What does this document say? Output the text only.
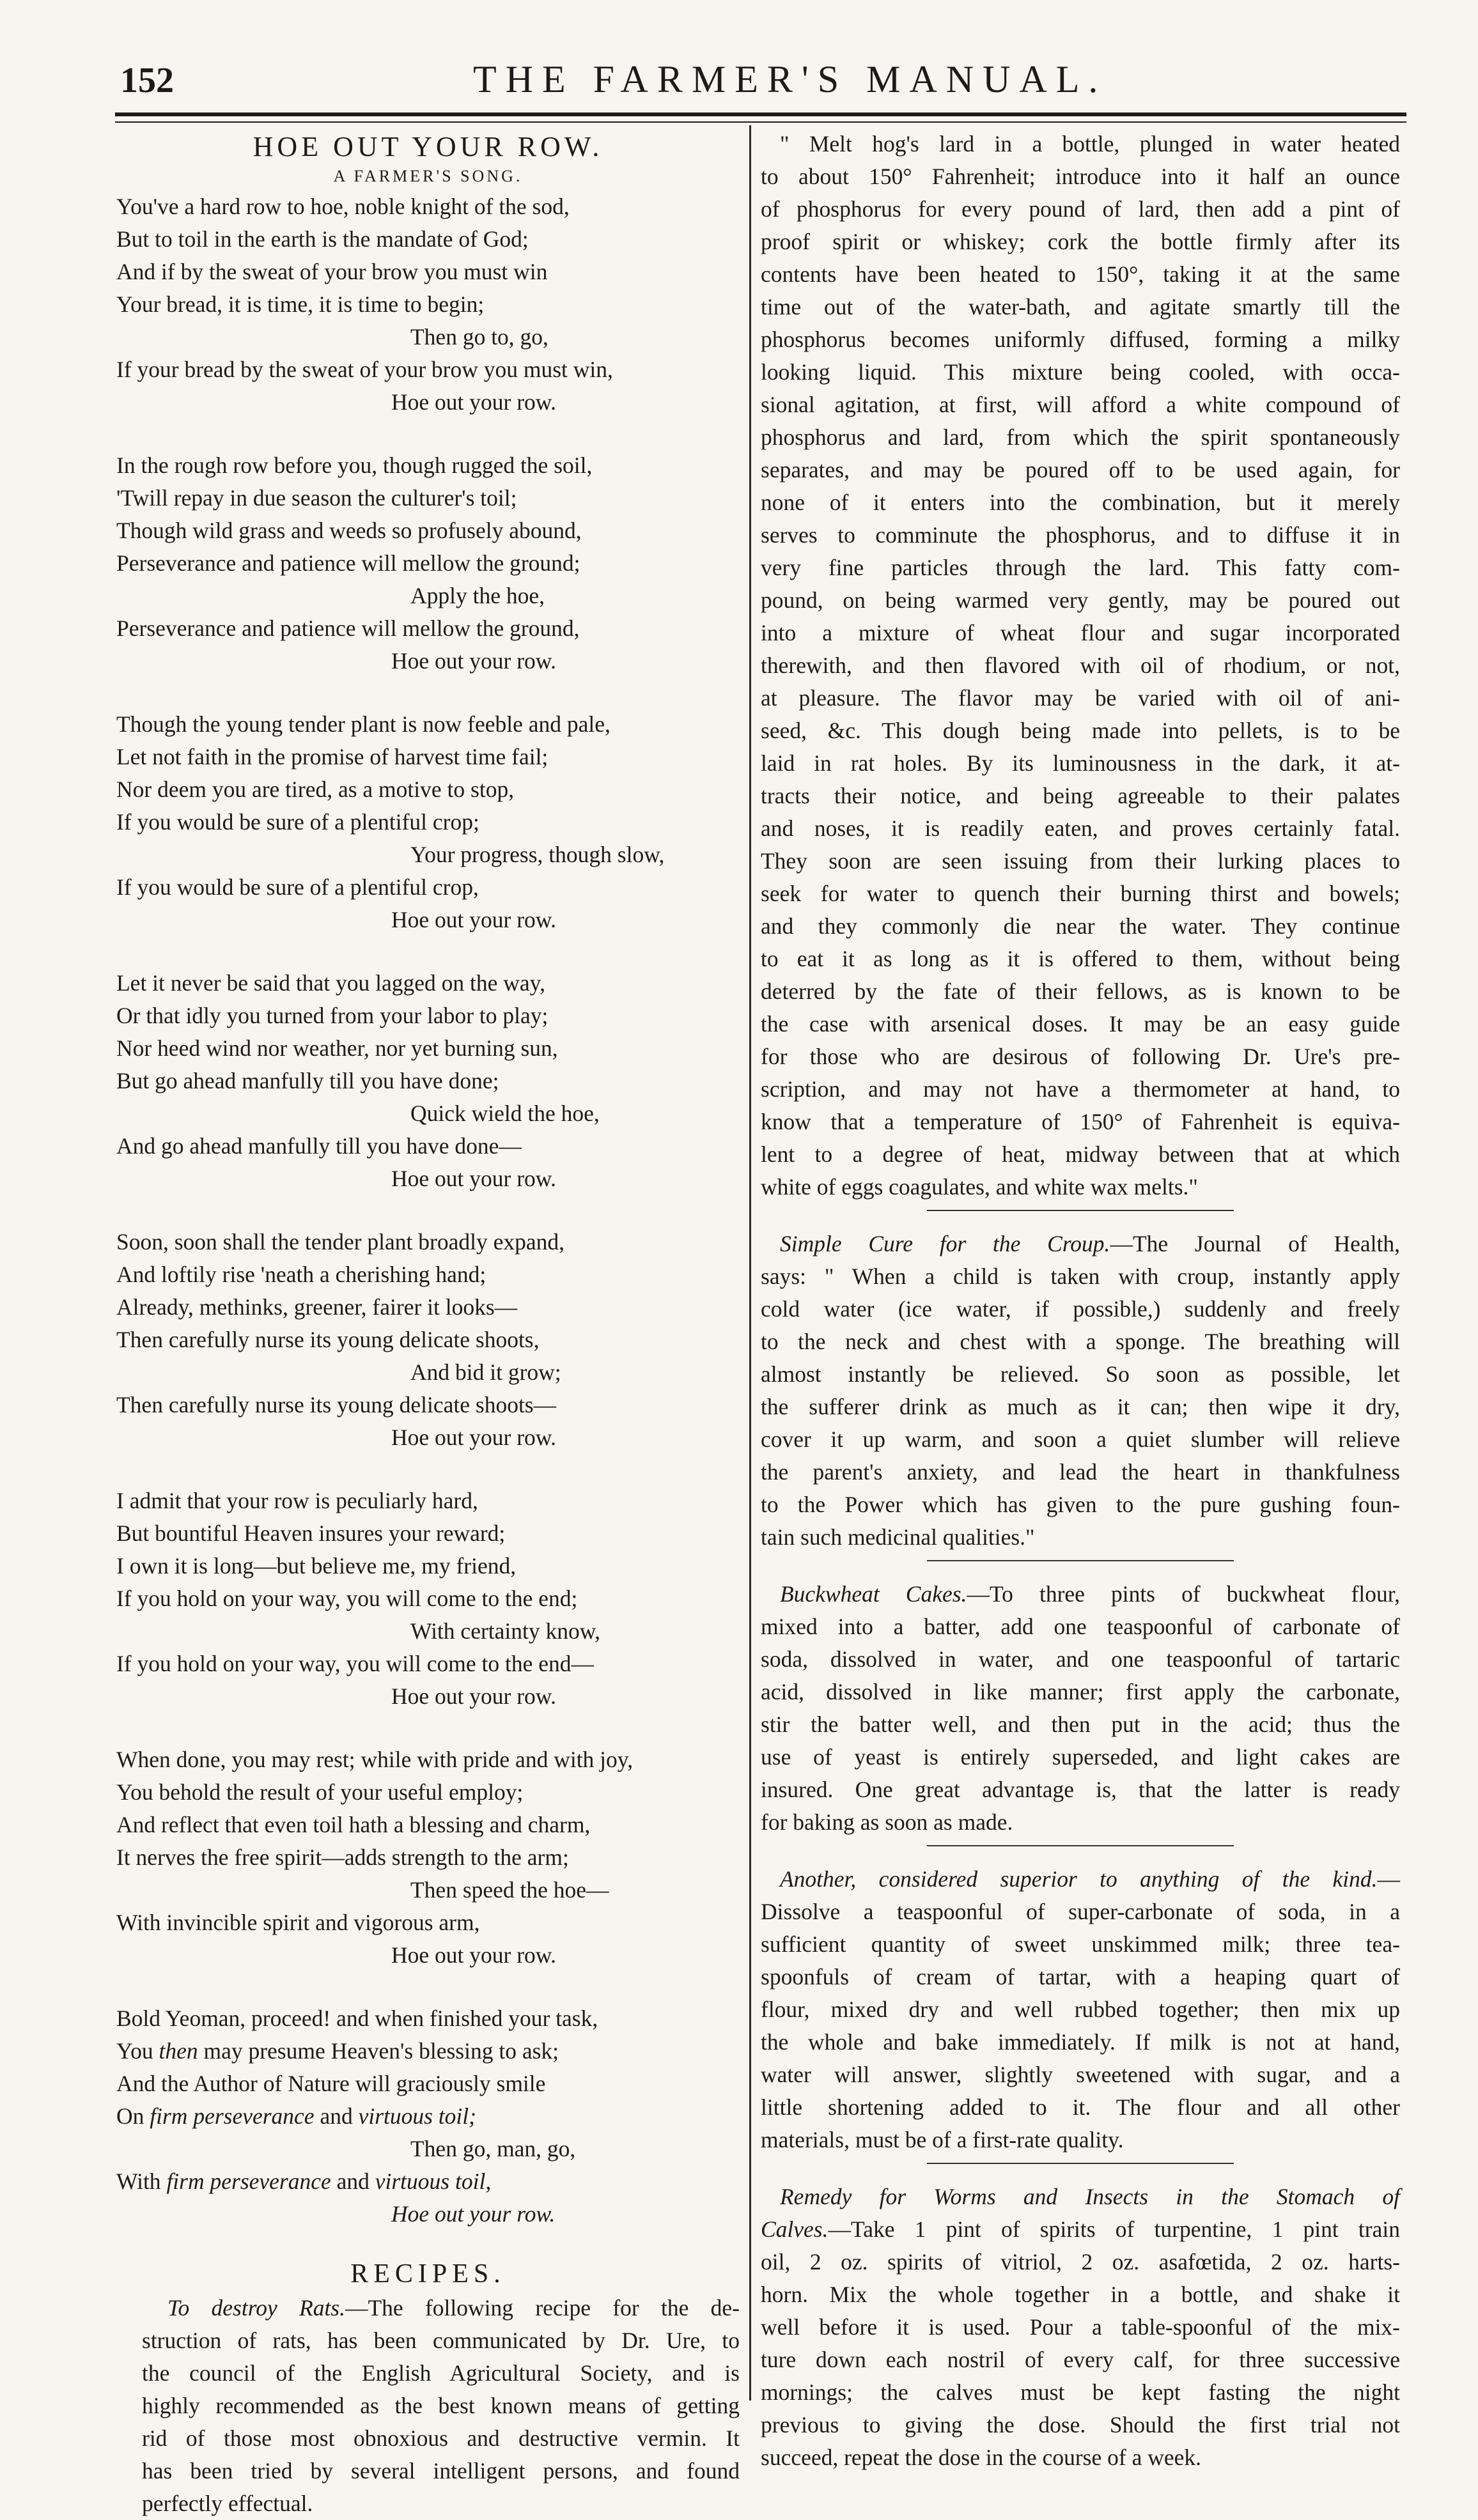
152	THE FARMER'S MANUAL.
HOE OUT YOUR ROW.
A FARMER'S SONG.
You've a hard row to hoe, noble knight of the sod,
But to toil in the earth is the mandate of God;
And if by the sweat of your brow you must win
Your bread, it is time, it is time to begin;
Then go to, go,
If your bread by the sweat of your brow you must win,
Hoe out your row.
In the rough row before you, though rugged the soil,
'Twill repay in due season the culturer's toil;
Though wild grass and weeds so profusely abound,
Perseverance and patience will mellow the ground;
Apply the hoe,
Perseverance and patience will mellow the ground,
Hoe out your row.
Though the young tender plant is now feeble and pale,
Let not faith in the promise of harvest time fail;
Nor deem you are tired, as a motive to stop,
If you would be sure of a plentiful crop;
Your progress, though slow,
If you would be sure of a plentiful crop,
Hoe out your row.
Let it never be said that you lagged on the way,
Or that idly you turned from your labor to play;
Nor heed wind nor weather, nor yet burning sun,
But go ahead manfully till you have done;
Quick wield the hoe,
And go ahead manfully till you have done—
Hoe out your row.
Soon, soon shall the tender plant broadly expand,
And loftily rise 'neath a cherishing hand;
Already, methinks, greener, fairer it looks—
Then carefully nurse its young delicate shoots,
And bid it grow;
Then carefully nurse its young delicate shoots—
Hoe out your row.
I admit that your row is peculiarly hard,
But bountiful Heaven insures your reward;
I own it is long—but believe me, my friend,
If you hold on your way, you will come to the end;
With certainty know,
If you hold on your way, you will come to the end—
Hoe out your row.
When done, you may rest; while with pride and with joy,
You behold the result of your useful employ;
And reflect that even toil hath a blessing and charm,
It nerves the free spirit—adds strength to the arm;
Then speed the hoe—
With invincible spirit and vigorous arm,
Hoe out your row.
Bold Yeoman, proceed! and when finished your task,
You then may presume Heaven's blessing to ask;
And the Author of Nature will graciously smile
On firm perseverance and virtuous toil;
Then go, man, go,
With firm perseverance and virtuous toil,
Hoe out your row.
RECIPES.
To destroy Rats.—The following recipe for the de-
struction of rats, has been communicated by Dr. Ure, to
the council of the English Agricultural Society, and is
highly recommended as the best known means of getting
rid of those most obnoxious and destructive vermin. It
has been tried by several intelligent persons, and found
perfectly effectual.
" Melt hog's lard in a bottle, plunged in water heated
to about 150° Fahrenheit; introduce into it half an ounce
of phosphorus for every pound of lard, then add a pint of
proof spirit or whiskey; cork the bottle firmly after its
contents have been heated to 150°, taking it at the same
time out of the water-bath, and agitate smartly till the
phosphorus becomes uniformly diffused, forming a milky
looking liquid. This mixture being cooled, with occa-
sional agitation, at first, will afford a white compound of
phosphorus and lard, from which the spirit spontaneously
separates, and may be poured off to be used again, for
none of it enters into the combination, but it merely
serves to comminute the phosphorus, and to diffuse it in
very fine particles through the lard. This fatty com-
pound, on being warmed very gently, may be poured out
into a mixture of wheat flour and sugar incorporated
therewith, and then flavored with oil of rhodium, or not,
at pleasure. The flavor may be varied with oil of ani-
seed, &c. This dough being made into pellets, is to be
laid in rat holes. By its luminousness in the dark, it at-
tracts their notice, and being agreeable to their palates
and noses, it is readily eaten, and proves certainly fatal.
They soon are seen issuing from their lurking places to
seek for water to quench their burning thirst and bowels;
and they commonly die near the water. They continue
to eat it as long as it is offered to them, without being
deterred by the fate of their fellows, as is known to be
the case with arsenical doses. It may be an easy guide
for those who are desirous of following Dr. Ure's pre-
scription, and may not have a thermometer at hand, to
know that a temperature of 150° of Fahrenheit is equiva-
lent to a degree of heat, midway between that at which
white of eggs coagulates, and white wax melts."
Simple Cure for the Croup.—The Journal of Health,
says: " When a child is taken with croup, instantly apply
cold water (ice water, if possible,) suddenly and freely
to the neck and chest with a sponge. The breathing will
almost instantly be relieved. So soon as possible, let
the sufferer drink as much as it can; then wipe it dry,
cover it up warm, and soon a quiet slumber will relieve
the parent's anxiety, and lead the heart in thankfulness
to the Power which has given to the pure gushing foun-
tain such medicinal qualities."
Buckwheat Cakes.—To three pints of buckwheat flour,
mixed into a batter, add one teaspoonful of carbonate of
soda, dissolved in water, and one teaspoonful of tartaric
acid, dissolved in like manner; first apply the carbonate,
stir the batter well, and then put in the acid; thus the
use of yeast is entirely superseded, and light cakes are
insured. One great advantage is, that the latter is ready
for baking as soon as made.
Another, considered superior to anything of the kind.—
Dissolve a teaspoonful of super-carbonate of soda, in a
sufficient quantity of sweet unskimmed milk; three tea-
spoonfuls of cream of tartar, with a heaping quart of
flour, mixed dry and well rubbed together; then mix up
the whole and bake immediately. If milk is not at hand,
water will answer, slightly sweetened with sugar, and a
little shortening added to it. The flour and all other
materials, must be of a first-rate quality.
Remedy for Worms and Insects in the Stomach of
Calves.—Take 1 pint of spirits of turpentine, 1 pint train
oil, 2 oz. spirits of vitriol, 2 oz. asafœtida, 2 oz. harts-
horn. Mix the whole together in a bottle, and shake it
well before it is used. Pour a table-spoonful of the mix-
ture down each nostril of every calf, for three successive
mornings; the calves must be kept fasting the night
previous to giving the dose. Should the first trial not
succeed, repeat the dose in the course of a week.
